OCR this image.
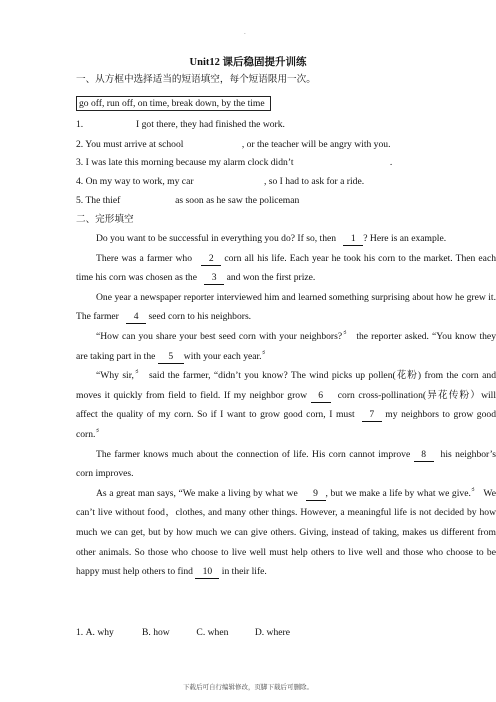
.
Unit12 课后稳固提升训练
一、从方框中选择适当的短语填空，每个短语限用一次。
go off, run off, on time, break down, by the time
1.	I got there, they had finished the work.
2. You must arrive at school	, or the teacher will be angry with you.
3. I was late this morning because my alarm clock didn’t	.
4. On my way to work, my car	, so I had to ask for a ride.
5. The thief	as soon as he saw the policeman
二、完形填空

Do you want to be successful in everything you do? If so, then 1 ? Here is an example.

There was a farmer who 2 corn all his life. Each year he took his corn to the market. Then each time his corn was chosen as the 3 and won the first prize.

One year a newspaper reporter interviewed him and learned something surprising about how he grew it. The farmer 4 seed corn to his neighbors.

“How can you share your best seed corn with your neighbors?〞 the reporter asked. “You know they are taking part in the 5 with your each year.〞

“Why sir,〞 said the farmer, “didn’t you know? The wind picks up pollen(花粉) from the corn and moves it quickly from field to field. If my neighbor grow 6 corn cross-pollination(异花传粉）will affect the quality of my corn. So if I want to grow good corn, I must 7 my neighbors to grow good corn.〞

The farmer knows much about the connection of life. His corn cannot improve 8 his neighbor’s corn improves.

As a great man says, “We make a living by what we 9 , but we make a life by what we give.〞 We can’t live without food，clothes, and many other things. However, a meaningful life is not decided by how much we can get, but by how much we can give others. Giving, instead of taking, makes us different from other animals. So those who choose to live well must help others to live well and those who choose to be happy must help others to find 10 in their life.

1. A. why	B. how	C. when	D. where
下载后可自行编辑修改，页脚下载后可删除。
